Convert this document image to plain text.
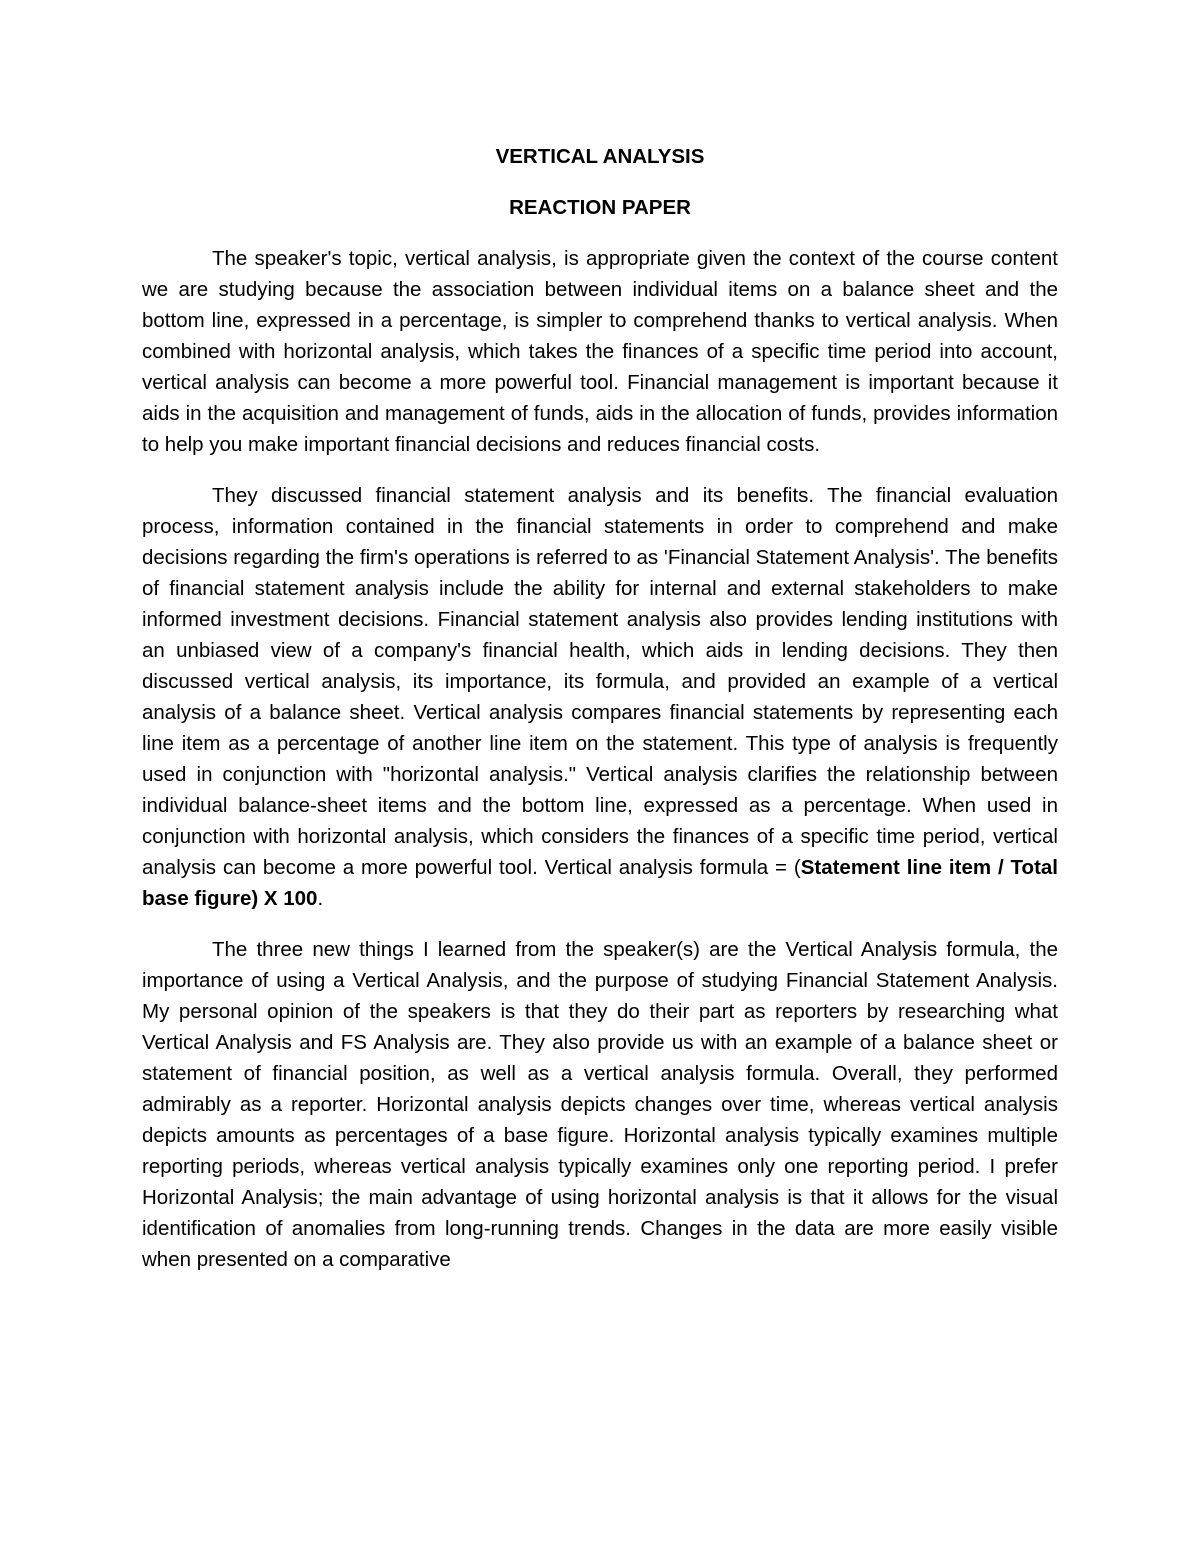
VERTICAL ANALYSIS
REACTION PAPER

The speaker's topic, vertical analysis, is appropriate given the context of the course content we are studying because the association between individual items on a balance sheet and the bottom line, expressed in a percentage, is simpler to comprehend thanks to vertical analysis. When combined with horizontal analysis, which takes the finances of a specific time period into account, vertical analysis can become a more powerful tool. Financial management is important because it aids in the acquisition and management of funds, aids in the allocation of funds, provides information to help you make important financial decisions and reduces financial costs.

They discussed financial statement analysis and its benefits. The financial evaluation process, information contained in the financial statements in order to comprehend and make decisions regarding the firm's operations is referred to as 'Financial Statement Analysis'. The benefits of financial statement analysis include the ability for internal and external stakeholders to make informed investment decisions. Financial statement analysis also provides lending institutions with an unbiased view of a company's financial health, which aids in lending decisions. They then discussed vertical analysis, its importance, its formula, and provided an example of a vertical analysis of a balance sheet. Vertical analysis compares financial statements by representing each line item as a percentage of another line item on the statement. This type of analysis is frequently used in conjunction with "horizontal analysis." Vertical analysis clarifies the relationship between individual balance-sheet items and the bottom line, expressed as a percentage. When used in conjunction with horizontal analysis, which considers the finances of a specific time period, vertical analysis can become a more powerful tool. Vertical analysis formula = (Statement line item / Total base figure) X 100.

The three new things I learned from the speaker(s) are the Vertical Analysis formula, the importance of using a Vertical Analysis, and the purpose of studying Financial Statement Analysis. My personal opinion of the speakers is that they do their part as reporters by researching what Vertical Analysis and FS Analysis are. They also provide us with an example of a balance sheet or statement of financial position, as well as a vertical analysis formula. Overall, they performed admirably as a reporter. Horizontal analysis depicts changes over time, whereas vertical analysis depicts amounts as percentages of a base figure. Horizontal analysis typically examines multiple reporting periods, whereas vertical analysis typically examines only one reporting period. I prefer Horizontal Analysis; the main advantage of using horizontal analysis is that it allows for the visual identification of anomalies from long-running trends. Changes in the data are more easily visible when presented on a comparative
